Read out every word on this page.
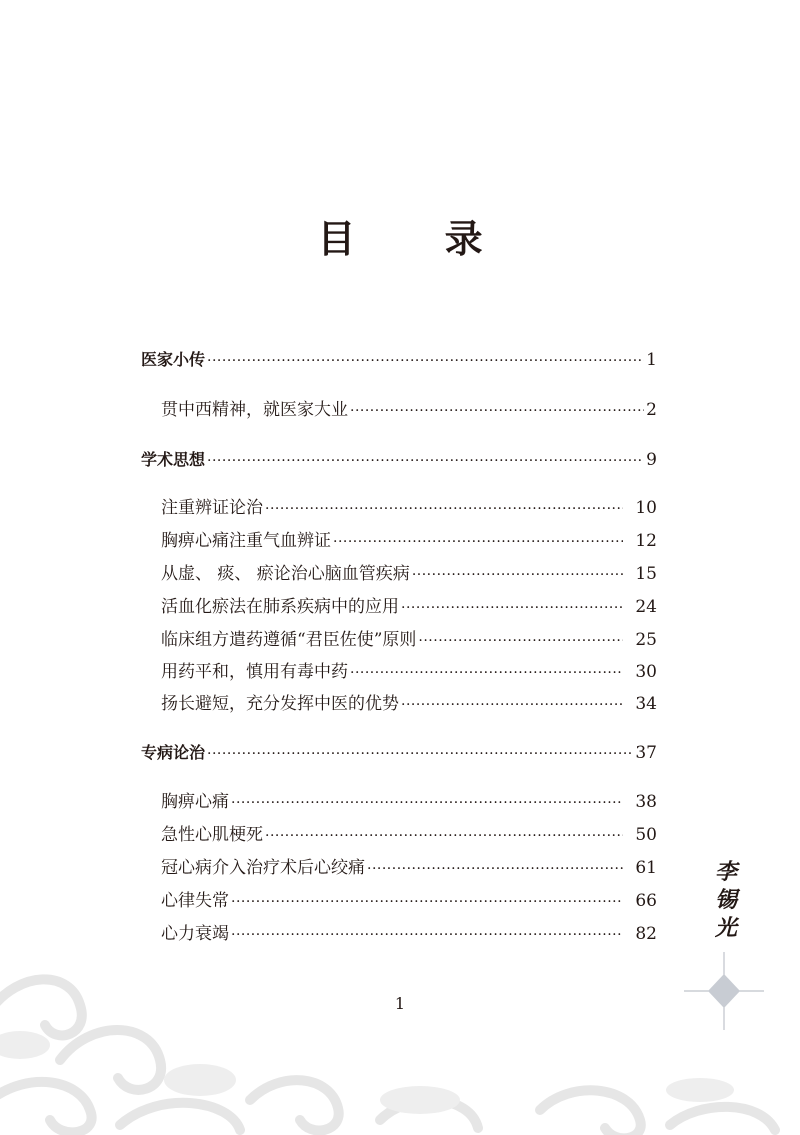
目 录
医家小传 ·····	1
贯中西精神，就医家大业 ·····	2
学术思想 ·····	9
注重辨证论治 ·····	10
胸痹心痛注重气血辨证 ·····	12
从虚、 痰、 瘀论治心脑血管疾病 ·····	15
活血化瘀法在肺系疾病中的应用 ·····	24
临床组方遣药遵循“君臣佐使”原则 ·····	25
用药平和，慎用有毒中药 ·····	30
扬长避短，充分发挥中医的优势 ·····	34
专病论治 ·····	37
胸痹心痛 ·····	38
急性心肌梗死 ·····	50
冠心病介入治疗术后心绞痛 ·····	61
心律失常 ·····	66
心力衰竭 ·····	82
李
锡
光
1
